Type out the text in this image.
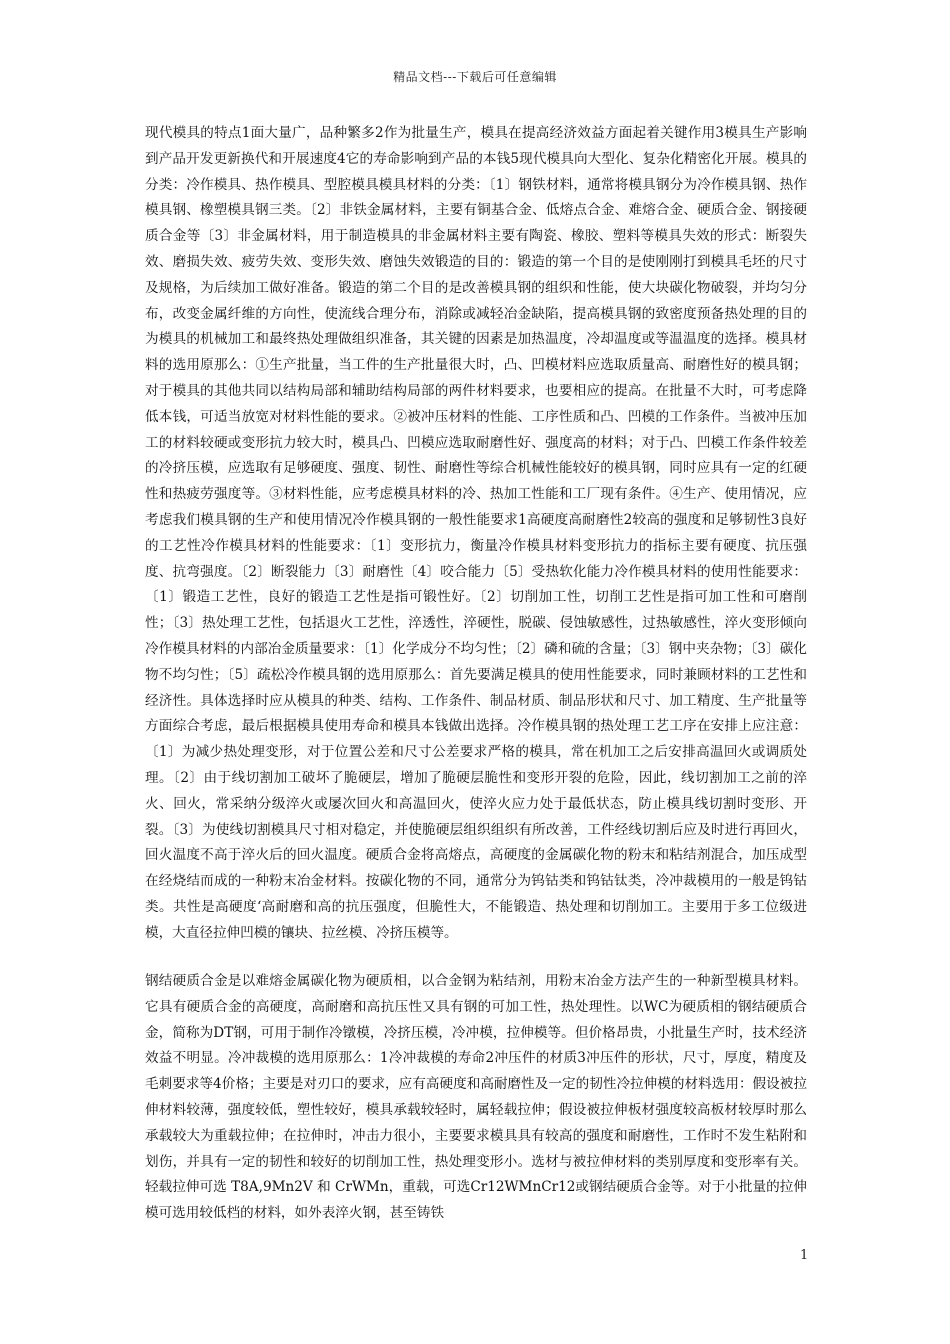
精品文档---下载后可任意编辑

现代模具的特点1面大量广，品种繁多2作为批量生产，模具在提高经济效益方面起着关键作用3模具生产影响到产品开发更新换代和开展速度4它的寿命影响到产品的本钱5现代模具向大型化、复杂化精密化开展。模具的分类：冷作模具、热作模具、型腔模具模具材料的分类：〔1〕钢铁材料，通常将模具钢分为冷作模具钢、热作模具钢、橡塑模具钢三类。〔2〕非铁金属材料，主要有铜基合金、低熔点合金、难熔合金、硬质合金、钢接硬质合金等〔3〕非金属材料，用于制造模具的非金属材料主要有陶瓷、橡胶、塑料等模具失效的形式：断裂失效、磨损失效、疲劳失效、变形失效、磨蚀失效锻造的目的：锻造的第一个目的是使刚刚打到模具毛坯的尺寸及规格，为后续加工做好准备。锻造的第二个目的是改善模具钢的组织和性能，使大块碳化物破裂，并均匀分布，改变金属纤维的方向性，使流线合理分布，消除或减轻冶金缺陷，提高模具钢的致密度预备热处理的目的为模具的机械加工和最终热处理做组织准备，其关键的因素是加热温度，冷却温度或等温温度的选择。模具材料的选用原那么：①生产批量，当工件的生产批量很大时，凸、凹模材料应选取质量高、耐磨性好的模具钢；对于模具的其他共同以结构局部和辅助结构局部的两件材料要求，也要相应的提高。在批量不大时，可考虑降低本钱，可适当放宽对材料性能的要求。②被冲压材料的性能、工序性质和凸、凹模的工作条件。当被冲压加工的材料较硬或变形抗力较大时，模具凸、凹模应选取耐磨性好、强度高的材料；对于凸、凹模工作条件较差的冷挤压模，应选取有足够硬度、强度、韧性、耐磨性等综合机械性能较好的模具钢，同时应具有一定的红硬性和热疲劳强度等。③材料性能，应考虑模具材料的冷、热加工性能和工厂现有条件。④生产、使用情况，应考虑我们模具钢的生产和使用情况冷作模具钢的一般性能要求1高硬度高耐磨性2较高的强度和足够韧性3良好的工艺性冷作模具材料的性能要求：〔1〕变形抗力，衡量冷作模具材料变形抗力的指标主要有硬度、抗压强度、抗弯强度。〔2〕断裂能力〔3〕耐磨性〔4〕咬合能力〔5〕受热软化能力冷作模具材料的使用性能要求：〔1〕锻造工艺性，良好的锻造工艺性是指可锻性好。〔2〕切削加工性，切削工艺性是指可加工性和可磨削性；〔3〕热处理工艺性，包括退火工艺性，淬透性，淬硬性，脱碳、侵蚀敏感性，过热敏感性，淬火变形倾向 冷作模具材料的内部冶金质量要求：〔1〕化学成分不均匀性；〔2〕磷和硫的含量；〔3〕钢中夹杂物；〔3〕碳化物不均匀性；〔5〕疏松冷作模具钢的选用原那么：首先要满足模具的使用性能要求，同时兼顾材料的工艺性和经济性。具体选择时应从模具的种类、结构、工作条件、制品材质、制品形状和尺寸、加工精度、生产批量等方面综合考虑，最后根据模具使用寿命和模具本钱做出选择。冷作模具钢的热处理工艺工序在安排上应注意：〔1〕为减少热处理变形，对于位置公差和尺寸公差要求严格的模具，常在机加工之后安排高温回火或调质处理。〔2〕由于线切割加工破坏了脆硬层，增加了脆硬层脆性和变形开裂的危险，因此，线切割加工之前的淬火、回火，常采纳分级淬火或屡次回火和高温回火，使淬火应力处于最低状态，防止模具线切割时变形、开裂。〔3〕为使线切割模具尺寸相对稳定，并使脆硬层组织组织有所改善，工件经线切割后应及时进行再回火，回火温度不高于淬火后的回火温度。硬质合金将高熔点，高硬度的金属碳化物的粉末和粘结剂混合，加压成型在经烧结而成的一种粉末冶金材料。按碳化物的不同，通常分为钨钴类和钨钴钛类，冷冲裁模用的一般是钨钴类。共性是高硬度‘高耐磨和高的抗压强度，但脆性大，不能锻造、热处理和切削加工。主要用于多工位级进模，大直径拉伸凹模的镶块、拉丝模、冷挤压模等。

钢结硬质合金是以难熔金属碳化物为硬质相，以合金钢为粘结剂，用粉末冶金方法产生的一种新型模具材料。它具有硬质合金的高硬度，高耐磨和高抗压性又具有钢的可加工性，热处理性。以WC为硬质相的钢结硬质合金，简称为DT钢，可用于制作冷镦模，冷挤压模，冷冲模，拉伸模等。但价格昂贵，小批量生产时，技术经济效益不明显。冷冲裁模的选用原那么：1冷冲裁模的寿命2冲压件的材质3冲压件的形状，尺寸，厚度，精度及毛刺要求等4价格；主要是对刃口的要求，应有高硬度和高耐磨性及一定的韧性冷拉伸模的材料选用：假设被拉伸材料较薄，强度较低，塑性较好，模具承载较轻时，属轻载拉伸；假设被拉伸板材强度较高板材较厚时那么承载较大为重载拉伸；在拉伸时，冲击力很小，主要要求模具具有较高的强度和耐磨性，工作时不发生粘附和划伤，并具有一定的韧性和较好的切削加工性，热处理变形小。选材与被拉伸材料的类别厚度和变形率有关。轻载拉伸可选 T8A,9Mn2V 和 CrWMn，重载，可选Cr12WMnCr12或钢结硬质合金等。对于小批量的拉伸模可选用较低档的材料，如外表淬火钢，甚至铸铁

1
